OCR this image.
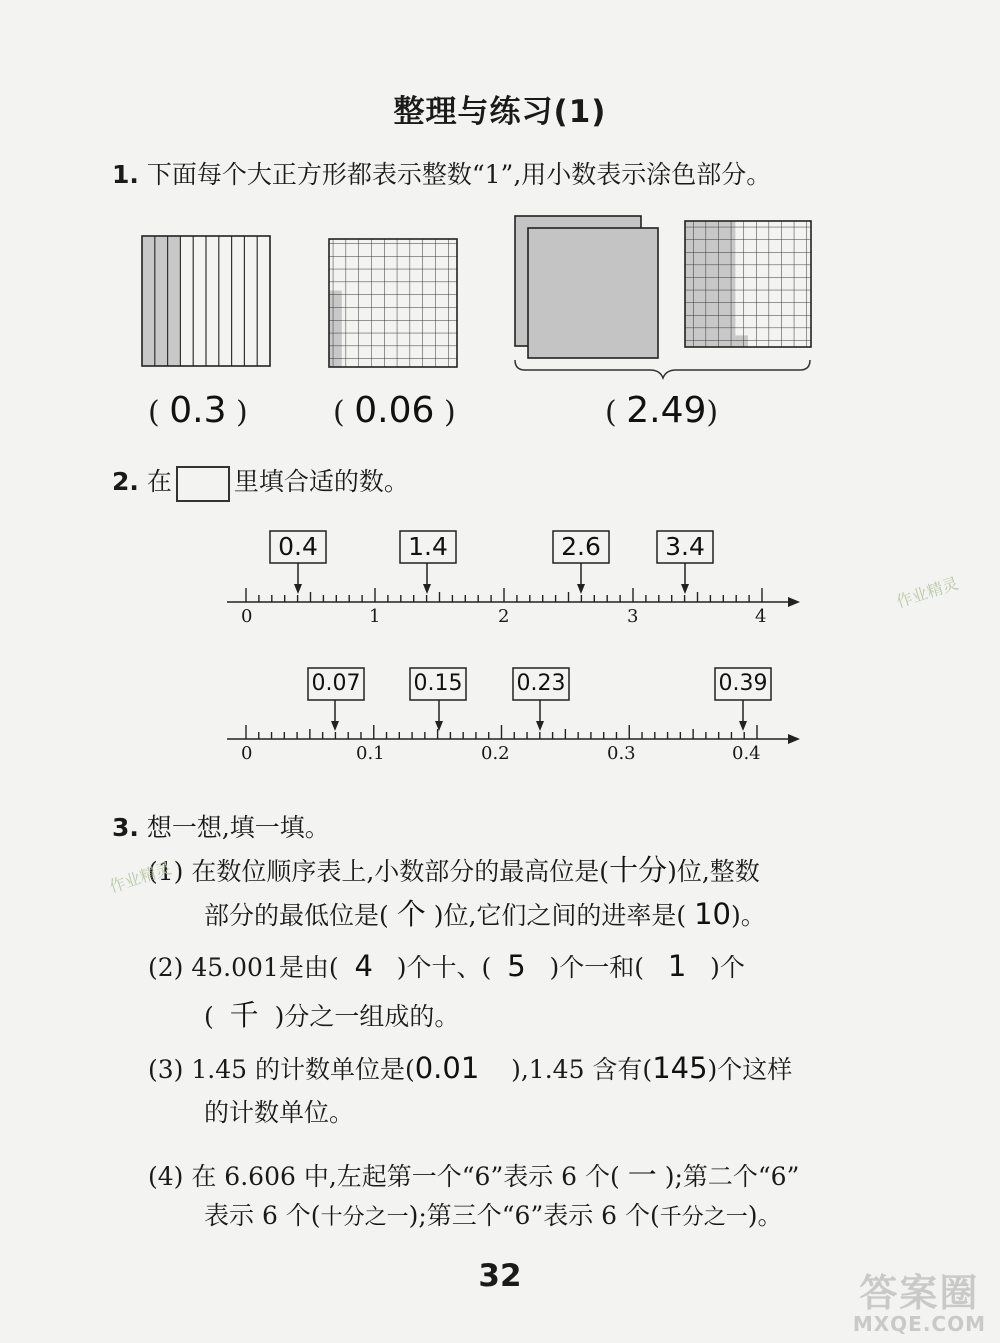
整理与练习(1)
1. 下面每个大正方形都表示整数“1”,用小数表示涂色部分。
( 0.3 )	( 0.06 )	( 2.49)
2. 在 里填合适的数。
0	1	2	3	4
0.4	1.4	2.6	3.4
0	0.1	0.2	0.3	0.4
0.07 0.15 0.23	0.39
3. 想一想,填一填。
(1) 在数位顺序表上,小数部分的最高位是(十分)位,整数
部分的最低位是( 个 )位,它们之间的进率是( 10)。
(2) 45.001是由( 4 )个十、( 5 )个一和( 1 )个
( 千 )分之一组成的。
(3) 1.45 的计数单位是(0.01 ),1.45 含有(145)个这样
的计数单位。
(4) 在 6.606 中,左起第一个“6”表示 6 个( 一 );第二个“6”
表示 6 个(十分之一);第三个“6”表示 6 个(千分之一)。
32
作业精灵
作业精灵
答案圈
MXQE.COM
